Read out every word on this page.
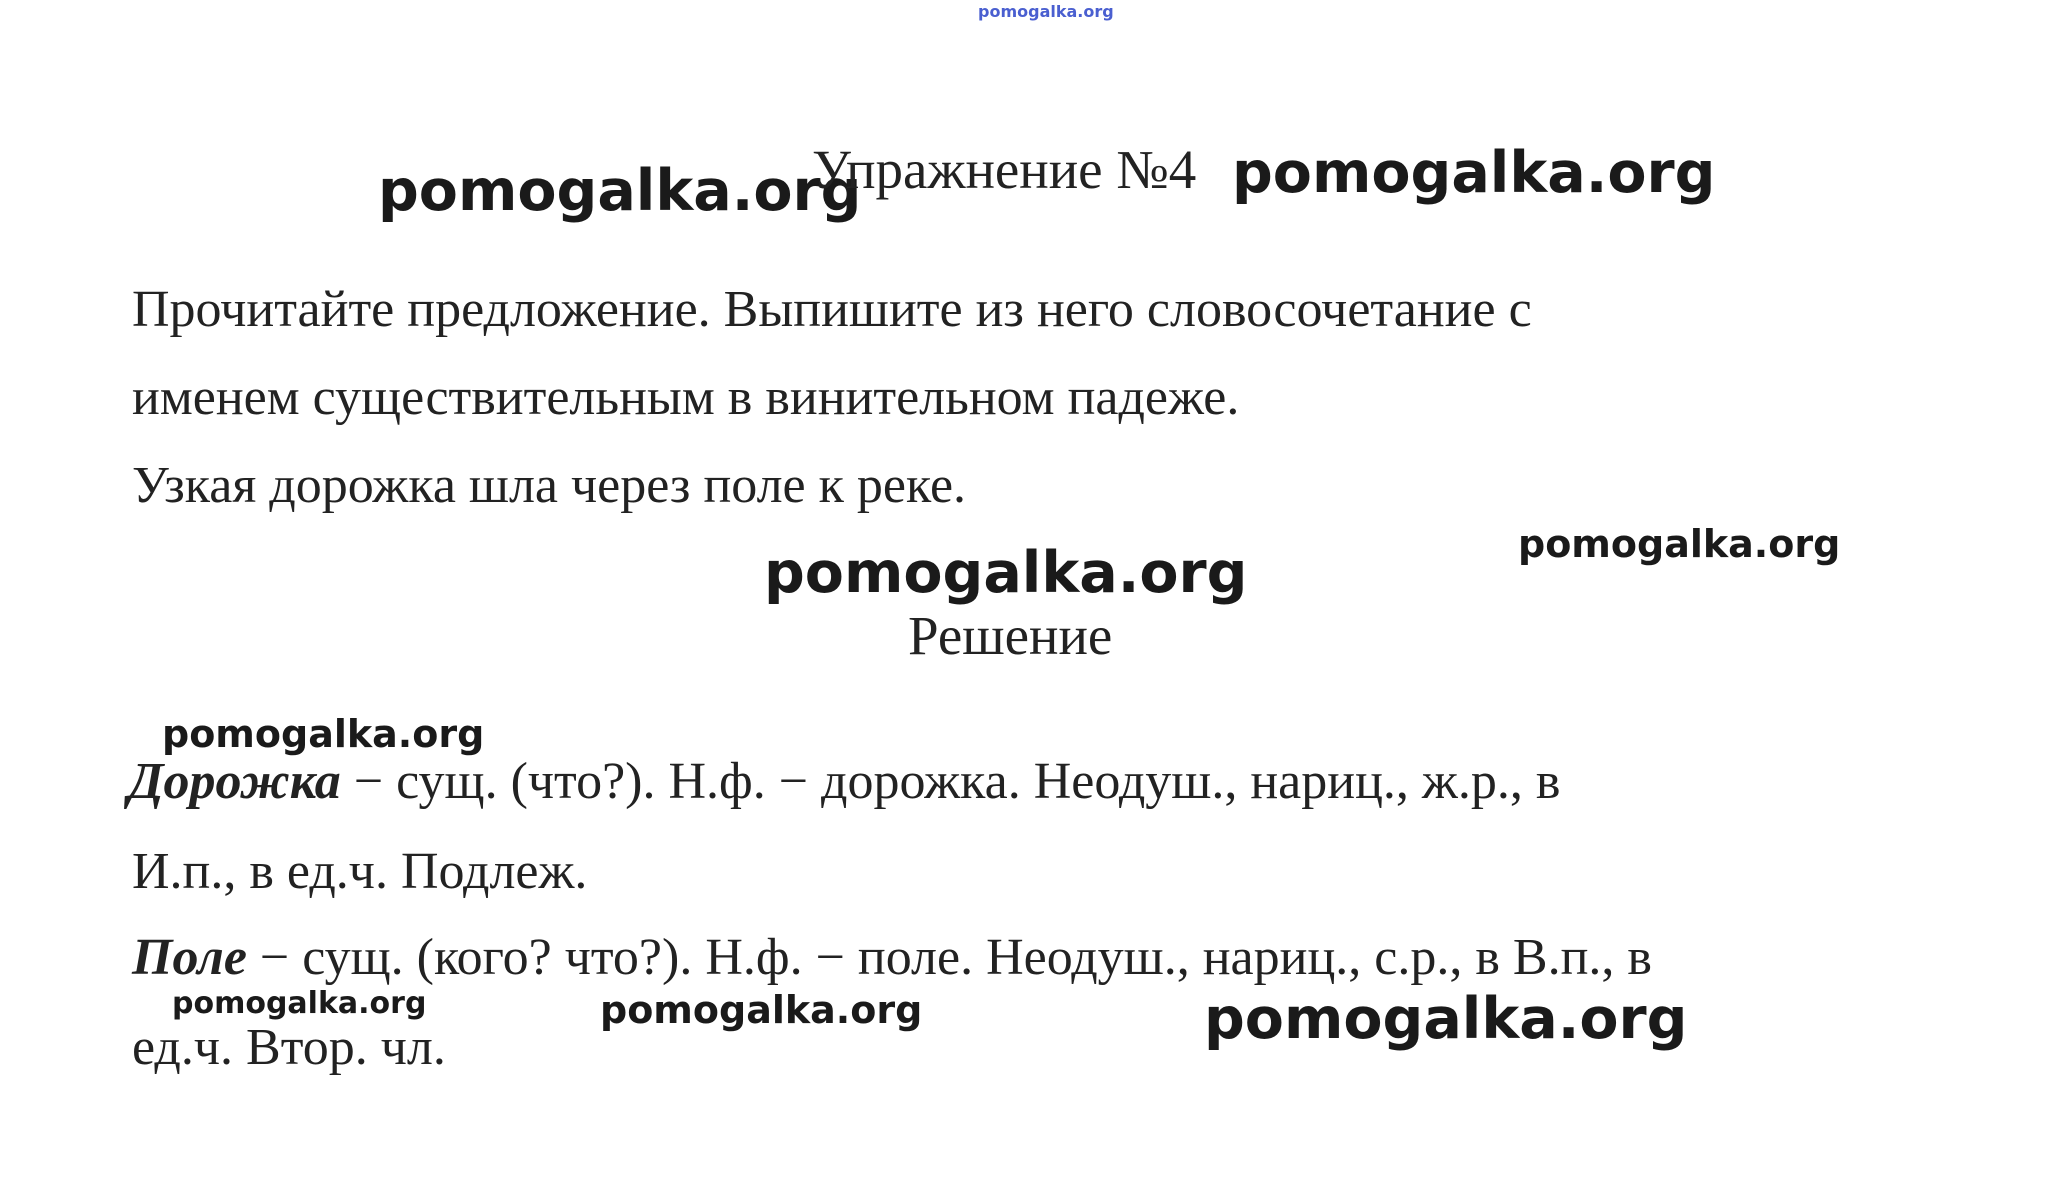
pomogalka.org
pomogalka.org
Упражнение №4 pomogalka.org
Прочитайте предложение. Выпишите из него словосочетание с
именем существительным в винительном падеже.
Узкая дорожка шла через поле к реке.
pomogalka.org
pomogalka.org
Решение
pomogalka.org
Дорожка − сущ. (что?). Н.ф. − дорожка. Неодуш., нариц., ж.р., в
И.п., в ед.ч. Подлеж.
Поле − сущ. (кого? что?). Н.ф. − поле. Неодуш., нариц., с.р., в В.п., в
pomogalka.org	pomogalka.org	pomogalka.org
ед.ч. Втор. чл.
